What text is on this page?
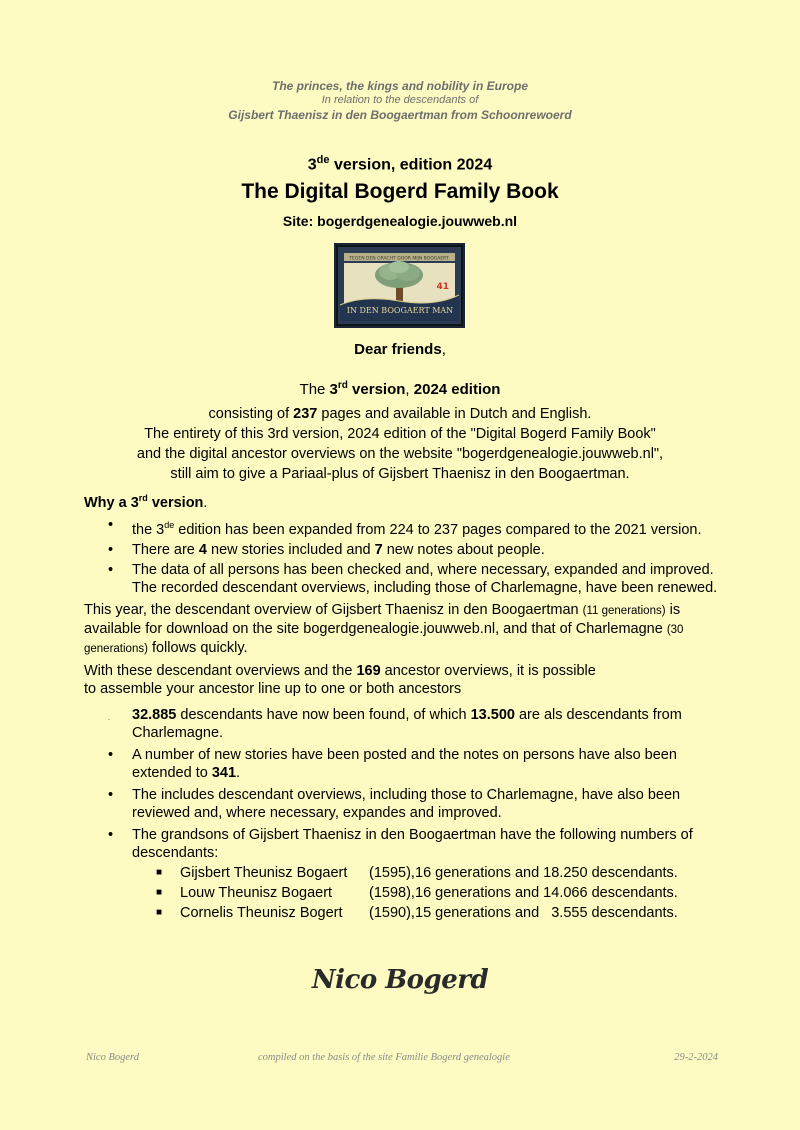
The princes, the kings and nobility in Europe
In relation to the descendants of
Gijsbert Thaenisz in den Boogaertman from Schoonrewoerd
3de version, edition 2024
The Digital Bogerd Family Book
Site: bogerdgenealogie.jouwweb.nl
TEGEN DEN GRACHT DOOR MIJN BOOGAERT
41
IN DEN BOOGAERT MAN
Dear friends,
The 3rd version, 2024 edition
consisting of 237 pages and available in Dutch and English.
The entirety of this 3rd version, 2024 edition of the "Digital Bogerd Family Book"
and the digital ancestor overviews on the website "bogerdgenealogie.jouwweb.nl",
still aim to give a Pariaal-plus of Gijsbert Thaenisz in den Boogaertman.
Why a 3rd version.
• the 3de edition has been expanded from 224 to 237 pages compared to the 2021 version.
• There are 4 new stories included and 7 new notes about people.
• The data of all persons has been checked and, where necessary, expanded and improved. The recorded descendant overviews, including those of Charlemagne, have been renewed.
This year, the descendant overview of Gijsbert Thaenisz in den Boogaertman (11 generations) is available for download on the site bogerdgenealogie.jouwweb.nl, and that of Charlemagne (30 generations) follows quickly.
With these descendant overviews and the 169 ancestor overviews, it is possible
to assemble your ancestor line up to one or both ancestors
. 32.885 descendants have now been found, of which 13.500 are als descendants from Charlemagne.
• A number of new stories have been posted and the notes on persons have also been extended to 341.
• The includes descendant overviews, including those to Charlemagne, have also been reviewed and, where necessary, expandes and improved.
• The grandsons of Gijsbert Thaenisz in den Boogaertman have the following numbers of descendants:
■ Gijsbert Theunisz Bogaert (1595),16 generations and 18.250 descendants.
■ Louw Theunisz Bogaert	(1598),16 generations and 14.066 descendants.
■ Cornelis Theunisz Bogert (1590),15 generations and   3.555 descendants.
Nico Bogerd
Nico Bogerd	compiled on the basis of the site Familie Bogerd genealogie	29-2-2024
